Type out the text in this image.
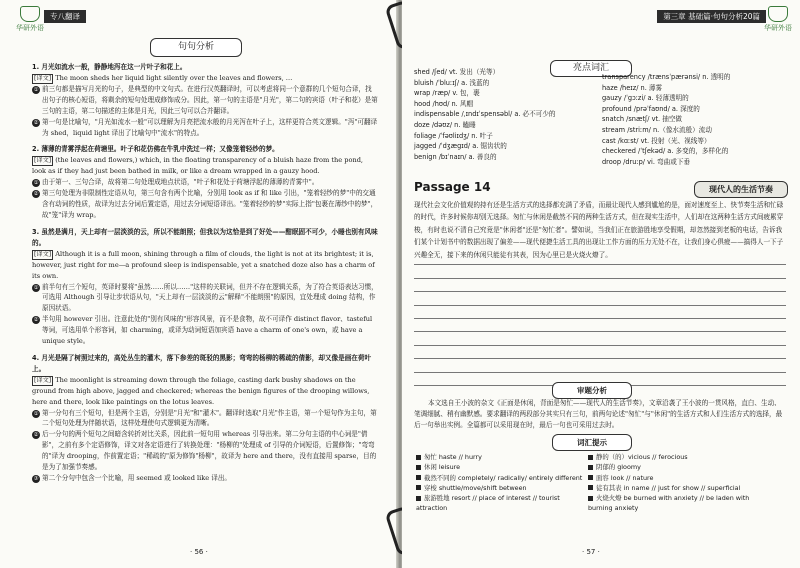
华研外语
专八翻译
句句分析

1. 月光如流水一般，静静地泻在这一片叶子和花上。

[译文] The moon sheds her liquid light silently over the leaves and flowers, …

① 前三句都是描写月光的句子，是典型的中文句式。在进行汉英翻译时，可以考虑将同一个意群的几个短句合译，找出句子的核心短语，将剩余的短句处理成修饰成分。因此，第一句的主语是"月光"，第二句的宾语（叶子和花）是第三句的主语，第二句描述的主体是月光，因此三句可以合并翻译。

② 第一句是比喻句，"月光如流水一般"可以理解为月亮把流水般的月光泻在叶子上，这样更符合英文逻辑。"泻"可翻译为 shed，liquid light 译出了比喻句中"流水"的特点。

2. 薄薄的青雾浮起在荷塘里。叶子和花仿佛在牛乳中洗过一样；又像笼着轻纱的梦。

[译文] (the leaves and flowers,) which, in the floating transparency of a bluish haze from the pond, look as if they had just been bathed in milk, or like a dream wrapped in a gauzy hood.

① 由于第一、三句合译，故将第二句处理成地点状语，"叶子和花处于荷塘浮起的薄薄的青雾中"。

② 第三句处理为非限制性定语从句，第三句含有两个比喻，分别用 look as if 和 like 引出，"笼着轻纱的梦"中的交通含有动词的性质，故译为过去分词后置定语，用过去分词短语译出。"笼着轻纱的梦"实际上指"包裹在薄纱中的梦"，故"笼"译为 wrap。

3. 虽然是满月，天上却有一层淡淡的云，所以不能朗照；但我以为这恰是到了好处——酣眠固不可少，小睡也别有风味的。

[译文] Although it is a full moon, shining through a film of clouds, the light is not at its brightest; it is, however, just right for me—a profound sleep is indispensable, yet a snatched doze also has a charm of its own.

① 前半句有三个短句，英译时要将"虽然……所以……"这样的关联词，但并不存在逻辑关系，为了符合英语表达习惯，可选用 Although 引导让步状语从句，"天上却有一层淡淡的云"解释"不能朗照"的原因，宜处理成 doing 结构，作原因状语。

② 半句用 however 引出。注意此处的"别有风味的"形容风景，而不是食物，故不可译作 distinct flavor、tasteful 等词，可选用单个形容词，如 charming，或译为动词短语加宾语 have a charm of one's own，或 have a unique style。

4. 月光是隔了树照过来的，高处丛生的灌木，落下参差的斑驳的黑影；弯弯的杨柳的稀疏的倩影，却又像是画在荷叶上。

[译文] The moonlight is streaming down through the foliage, casting dark bushy shadows on the ground from high above, jagged and checkered; whereas the benign figures of the drooping willows, here and there, look like paintings on the lotus leaves.

① 第一分句有三个短句，但是两个主语，分别是"月光"和"灌木"。翻译时选取"月光"作主语，第一个短句作为主句，第二个短句处理为伴随状语，这样处理使句式逻辑更为清晰。

② 后一分句的两个短句之间暗含转折对比关系，因此前一短句用 whereas 引导出来。第二分句主语的中心词是"倩影"，之前有多个定语修饰，译文对各定语进行了转换处理："杨柳的"处理成 of 引导的介词短语，后置修饰；"弯弯的"译为 drooping，作前置定语；"稀疏的"原为修饰"杨柳"，故译为 here and there，没有直接用 sparse，目的是为了加强节奏感。

③ 第二个分句中包含一个比喻，用 seemed 或 looked like 译出。

· 56 ·
第三章 基础篇·句句分析20篇
华研外语
亮点词汇

shed /ʃed/ vt. 发出（光等）

bluish /ˈbluːɪʃ/ a. 浅蓝的

wrap /ræp/ v. 包，裹

hood /hʊd/ n. 风帽

indispensable /ˌɪndɪˈspensəbl/ a. 必不可少的

doze /dəʊz/ n. 瞌睡

foliage /ˈfəʊliɪdʒ/ n. 叶子

jagged /ˈdʒægɪd/ a. 锯齿状的

benign /bɪˈnaɪn/ a. 善良的

transparency /trænsˈpærənsi/ n. 透明的

haze /heɪz/ n. 薄雾

gauzy /ˈgɔːzi/ a. 轻薄透明的

profound /prəˈfaʊnd/ a. 深度的

snatch /snætʃ/ vt. 抽空做

stream /striːm/ n.（像水流般）流动

cast /kɑːst/ vt. 投射（光、视线等）

checkered /ˈtʃekəd/ a. 多变的，多样化的

droop /druːp/ vi. 弯曲或下垂

Passage 14	现代人的生活节奏
现代社会文化价值观的持有还是生活方式的选择都充满了矛盾，而最让现代人感到尴尬的是，面对速度至上、快节奏生活和忙碌的时代，许多时候你却别无选择。匆忙与休闲是截然不同的两种生活方式，但在现实生活中，人们却在这两种生活方式间疲累穿梭，有时也说不清自己究竟是"休闲者"还是"匆忙者"。譬如说，当我们正在旅游胜地享受假期，却忽然接到老板的电话，告诉我们某个计划书中的数据出现了偏差——现代便捷生活工具的出现让工作方面的压力无处不在，让我们身心俱疲——搞得人一下子兴趣全无，接下来的休闲只能徒有其表，因为心里已是火烧火燎了。
审题分析
本文选自王小波的杂文《正面是休闲，背面是匆忙——现代人的生活节奏》，文章沿袭了王小波的一贯风格，直白、生动、笔调细腻、稍有幽默感。要求翻译的两段部分其实只有三句，前两句论述"匆忙"与"休闲"的生活方式和人们生活方式的选择，最后一句举出实例。全篇都可以采用现在时，最后一句也可采用过去时。
词汇提示
匆忙 haste // hurry	静的（的）vicious // ferocious
休闲 leisure	阴郁的 gloomy
截然不同的 completely/ radically/ entirely different	面容 look // nature
穿梭 shuttle/move/shift between	徒有其表 in name // just for show // superficial
旅游胜地 resort // place of interest // tourist attraction
火烧火燎 be burned with anxiety // be laden with burning anxiety
· 57 ·
